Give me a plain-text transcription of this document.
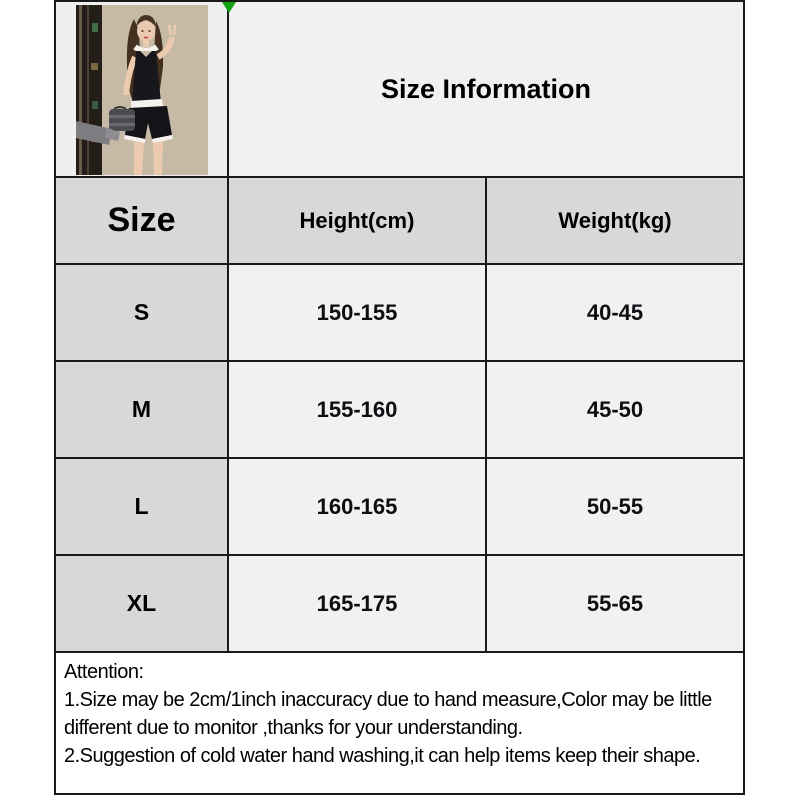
Size Information
Size	Height(cm)	Weight(kg)
S	150-155	40-45
M	155-160	45-50
L	160-165	50-55
XL	165-175	55-65
Attention:
1.Size may be 2cm/1inch inaccuracy due to hand measure,Color may be little
different due to monitor ,thanks for your understanding.
2.Suggestion of cold water hand washing,it can help items keep their shape.
